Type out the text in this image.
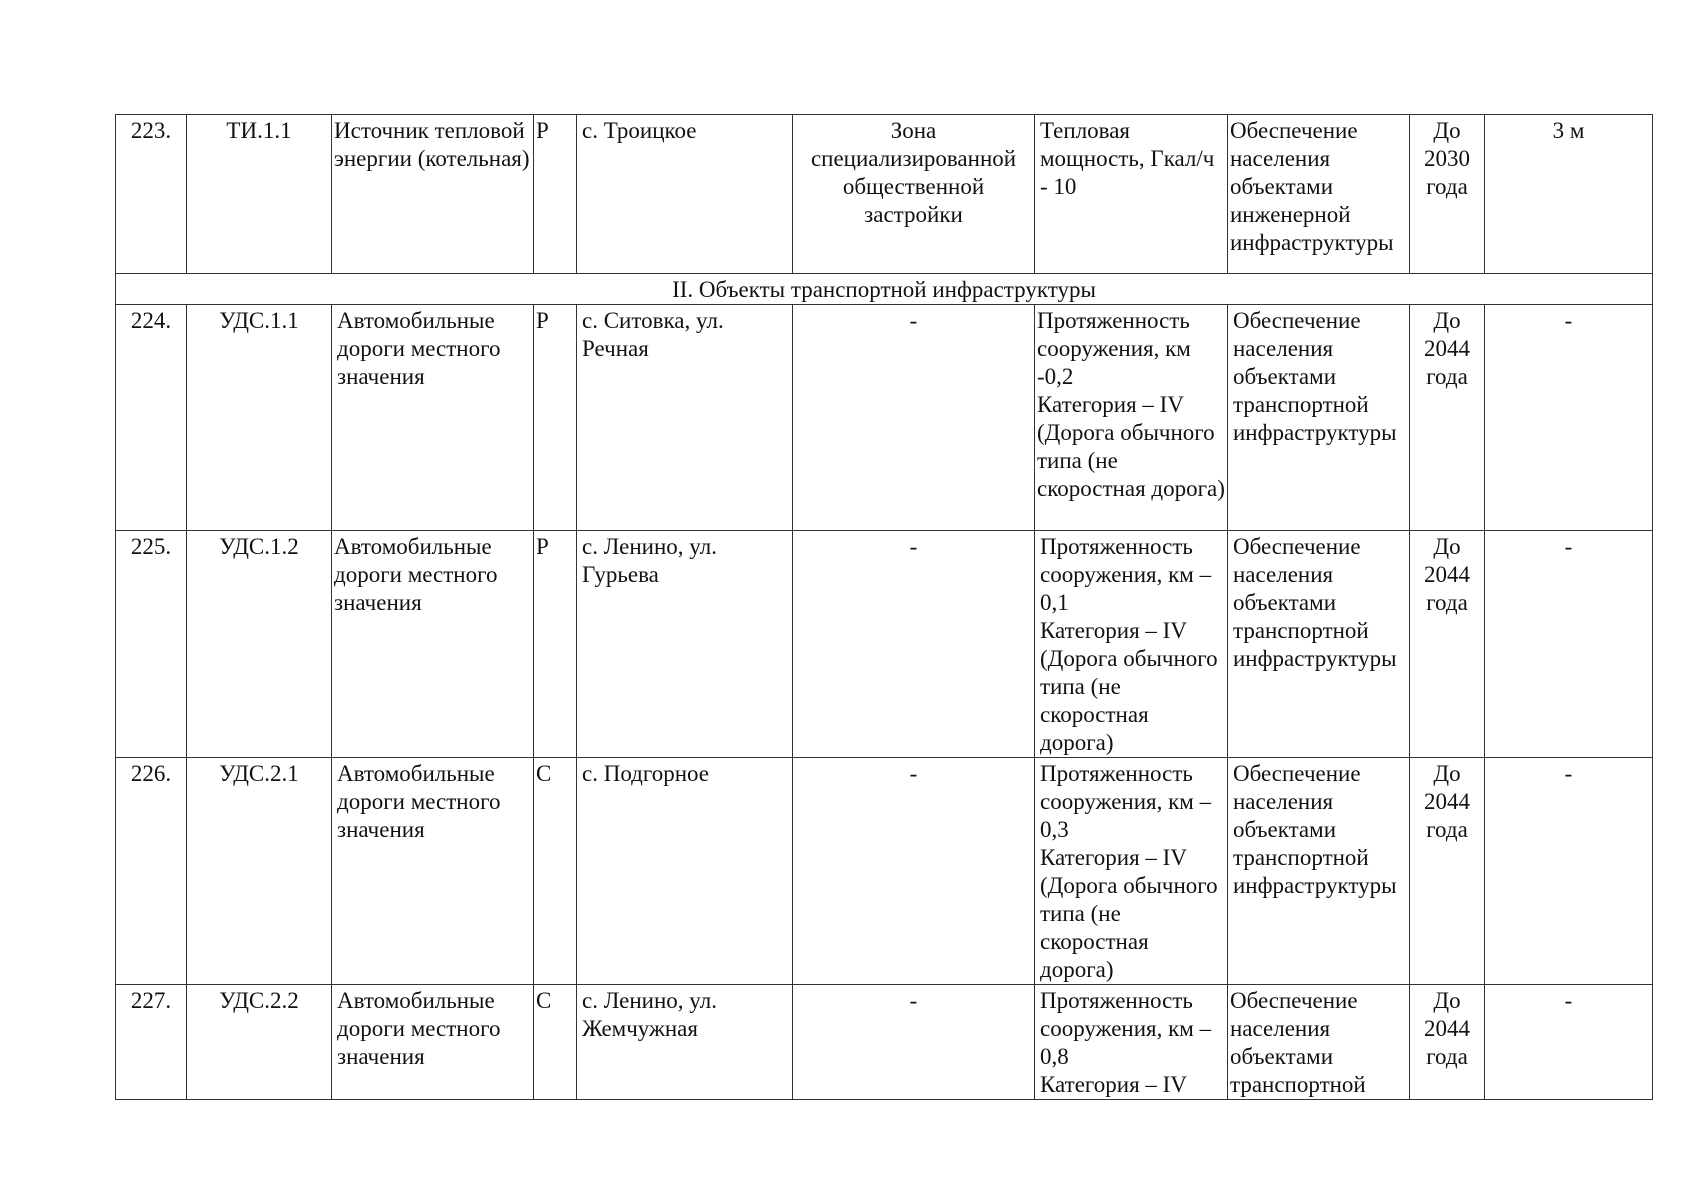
223.	ТИ.1.1	Источник тепловой энергии (котельная)	Р	с. Троицкое	Зона специализированной общественной застройки	Тепловая мощность, Гкал/ч - 10	Обеспечение населения объектами инженерной инфраструктуры	До 2030 года	3 м
II. Объекты транспортной инфраструктуры									
224.	УДС.1.1	Автомобильные дороги местного значения	Р	с. Ситовка, ул. Речная	-	Протяженность сооружения, км -0,2
Категория – IV (Дорога обычного типа (не скоростная дорога)	Обеспечение населения объектами транспортной инфраструктуры	До 2044 года	-
225.	УДС.1.2	Автомобильные дороги местного значения	Р	с. Ленино, ул. Гурьева	-	Протяженность сооружения, км – 0,1
Категория – IV (Дорога обычного типа (не скоростная дорога)	Обеспечение населения объектами транспортной инфраструктуры	До 2044 года	-
226.	УДС.2.1	Автомобильные дороги местного значения	С	с. Подгорное	-	Протяженность сооружения, км – 0,3
Категория – IV (Дорога обычного типа (не скоростная дорога)	Обеспечение населения объектами транспортной инфраструктуры	До 2044 года	-
227.	УДС.2.2	Автомобильные дороги местного значения	С	с. Ленино, ул. Жемчужная	-	Протяженность сооружения, км – 0,8
Категория – IV	Обеспечение населения объектами транспортной	До 2044 года	-
